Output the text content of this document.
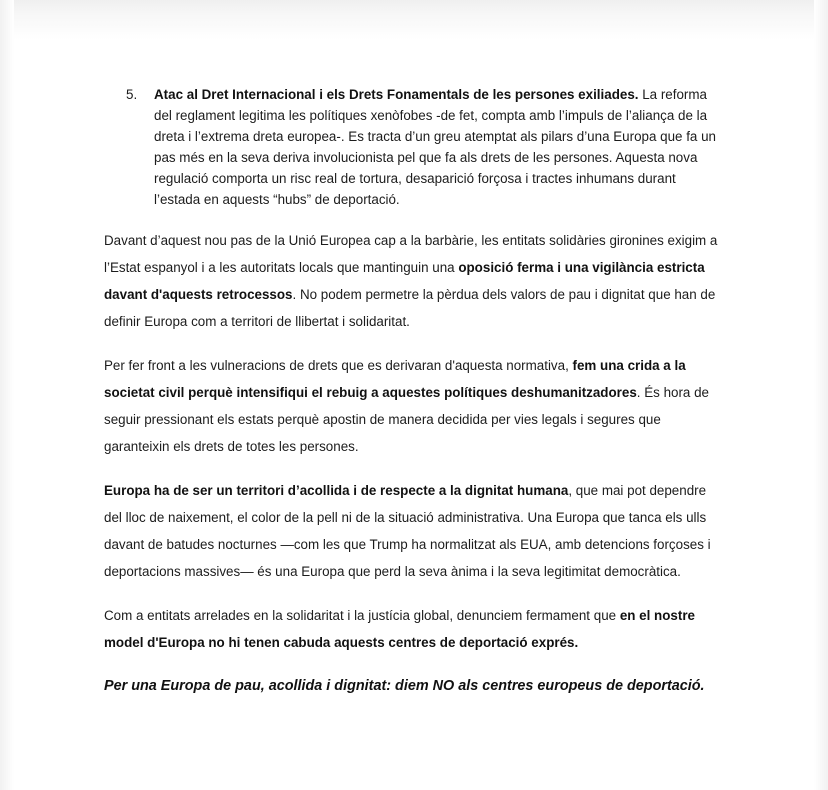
5.	Atac al Dret Internacional i els Drets Fonamentals de les persones exiliades. La reforma del reglament legitima les polítiques xenòfobes -de fet, compta amb l’impuls de l’aliança de la dreta i l’extrema dreta europea-. Es tracta d’un greu atemptat als pilars d’una Europa que fa un pas més en la seva deriva involucionista pel que fa als drets de les persones. Aquesta nova regulació comporta un risc real de tortura, desaparició forçosa i tractes inhumans durant l’estada en aquests “hubs” de deportació.

Davant d’aquest nou pas de la Unió Europea cap a la barbàrie, les entitats solidàries gironines exigim a l’Estat espanyol i a les autoritats locals que mantinguin una oposició ferma i una vigilància estricta davant d'aquests retrocessos. No podem permetre la pèrdua dels valors de pau i dignitat que han de definir Europa com a territori de llibertat i solidaritat.

Per fer front a les vulneracions de drets que es derivaran d'aquesta normativa, fem una crida a la societat civil perquè intensifiqui el rebuig a aquestes polítiques deshumanitzadores. És hora de seguir pressionant els estats perquè apostin de manera decidida per vies legals i segures que garanteixin els drets de totes les persones.

Europa ha de ser un territori d’acollida i de respecte a la dignitat humana, que mai pot dependre del lloc de naixement, el color de la pell ni de la situació administrativa. Una Europa que tanca els ulls davant de batudes nocturnes —com les que Trump ha normalitzat als EUA, amb detencions forçoses i deportacions massives— és una Europa que perd la seva ànima i la seva legitimitat democràtica.

Com a entitats arrelades en la solidaritat i la justícia global, denunciem fermament que en el nostre model d'Europa no hi tenen cabuda aquests centres de deportació exprés.

Per una Europa de pau, acollida i dignitat: diem NO als centres europeus de deportació.
